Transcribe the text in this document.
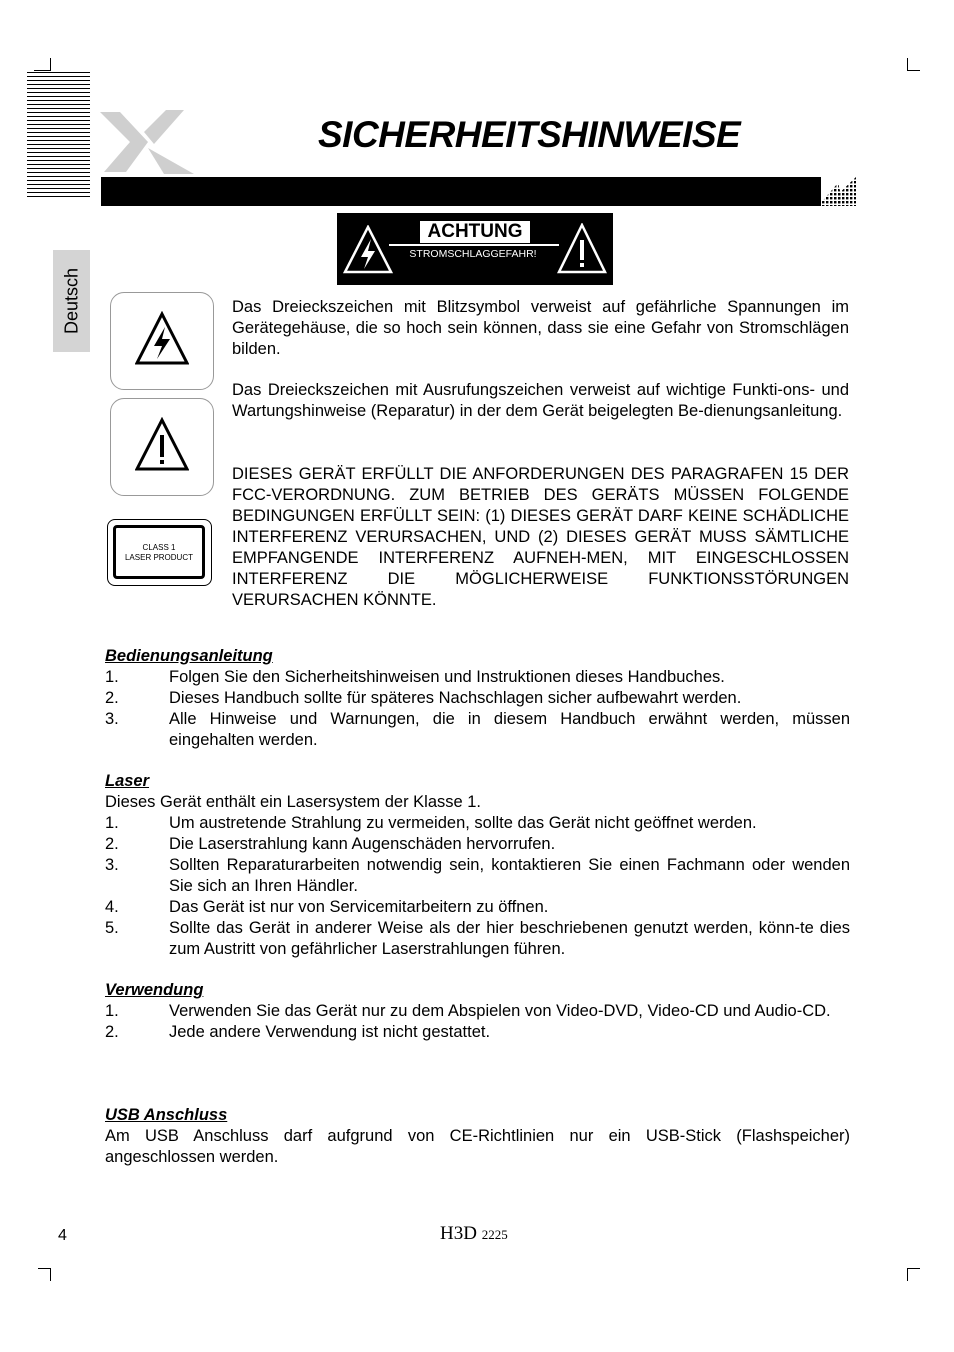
Deutsch
SICHERHEITSHINWEISE
ACHTUNG
STROMSCHLAGGEFAHR!
CLASS 1
LASER PRODUCT
Das Dreieckszeichen mit Blitzsymbol verweist auf gefährliche Spannungen im Gerätegehäuse, die so hoch sein können, dass sie eine Gefahr von Stromschlägen bilden.
Das Dreieckszeichen mit Ausrufungszeichen verweist auf wichtige Funkti-ons- und Wartungshinweise (Reparatur) in der dem Gerät beigelegten Be-dienungsanleitung.
DIESES GERÄT ERFÜLLT DIE ANFORDERUNGEN DES PARAGRAFEN 15 DER FCC-VERORDNUNG. ZUM BETRIEB DES GERÄTS MÜSSEN FOLGENDE BEDINGUNGEN ERFÜLLT SEIN: (1) DIESES GERÄT DARF KEINE SCHÄDLICHE INTERFERENZ VERURSACHEN, UND (2) DIESES GERÄT MUSS SÄMTLICHE EMPFANGENDE INTERFERENZ AUFNEH-MEN, MIT EINGESCHLOSSEN INTERFERENZ DIE MÖGLICHERWEISE FUNKTIONSSTÖRUNGEN VERURSACHEN KÖNNTE.
Bedienungsanleitung
1.	Folgen Sie den Sicherheitshinweisen und Instruktionen dieses Handbuches.
2.	Dieses Handbuch sollte für späteres Nachschlagen sicher aufbewahrt werden.
3.	Alle Hinweise und Warnungen, die in diesem Handbuch erwähnt werden, müssen eingehalten werden.
Laser
Dieses Gerät enthält ein Lasersystem der Klasse 1.
1.	Um austretende Strahlung zu vermeiden, sollte das Gerät nicht geöffnet werden.
2.	Die Laserstrahlung kann Augenschäden hervorrufen.
3.	Sollten Reparaturarbeiten notwendig sein, kontaktieren Sie einen Fachmann oder wenden Sie sich an Ihren Händler.
4.	Das Gerät ist nur von Servicemitarbeitern zu öffnen.
5.	Sollte das Gerät in anderer Weise als der hier beschriebenen genutzt werden, könn-te dies zum Austritt von gefährlicher Laserstrahlungen führen.
Verwendung
1.	Verwenden Sie das Gerät nur zu dem Abspielen von Video-DVD, Video-CD und Audio-CD.
2.	Jede andere Verwendung ist nicht gestattet.
USB Anschluss
Am USB Anschluss darf aufgrund von CE-Richtlinien nur ein USB-Stick (Flashspeicher) angeschlossen werden.
4	H3D 2225
